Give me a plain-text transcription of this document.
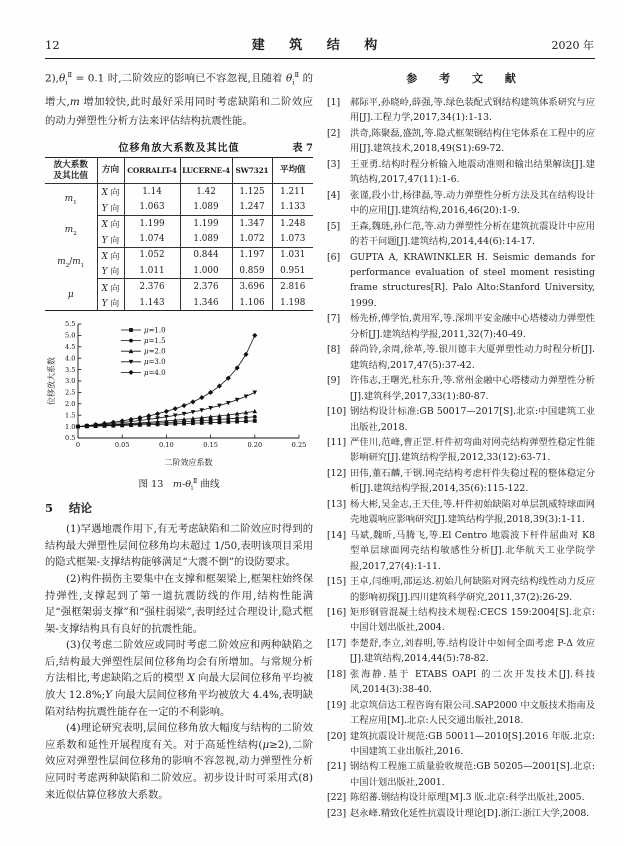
12	建 筑 结 构	2020 年

$2),\theta_i^Ⅱ = 0.1$ 时,二阶效应的影响已不容忽视,且随着 $\theta_i^Ⅱ$ 的增大,m 增加较快,此时最好采用同时考虑缺陷和二阶效应的动力弹塑性分析方法来评估结构抗震性能。

位移角放大系数及其比值	表 7
放大系数
及其比值	方向	CORRALIT-4	LUCERNE-4	SW7321	平均值
$m_1$	X 向	1.14	1.42	1.125	1.211
	Y 向	1.063	1.089	1.247	1.133
$m_2$	X 向	1.199	1.199	1.347	1.248
	Y 向	1.074	1.089	1.072	1.073
$m_2/m_1$	X 向	1.052	0.844	1.197	1.031
	Y 向	1.011	1.000	0.859	0.951
μ	X 向	2.376	2.376	3.696	2.816
	Y 向	1.143	1.346	1.106	1.198
0.5
1.0
1.5
2.0
2.5
3.0
3.5
4.0
4.5
5.0
5.5
0	0.05	0.10	0.15	0.20	0.25
二阶效应系数
位移放大系数
μ=1.0
μ=1.5
μ=2.0
μ=3.0
μ=4.0
图 13　$m-\theta_i^Ⅱ$ 曲线
5 结论

(1)罕遇地震作用下,有无考虑缺陷和二阶效应时得到的结构最大弹塑性层间位移角均未超过 1/50,表明该项目采用的隐式框架-支撑结构能够满足“大震不倒”的设防要求。

(2)构件损伤主要集中在支撑和框架梁上,框架柱始终保持弹性,支撑起到了第一道抗震防线的作用,结构性能满足“强框架弱支撑”和“强柱弱梁”,表明经过合理设计,隐式框架-支撑结构具有良好的抗震性能。

(3)仅考虑二阶效应或同时考虑二阶效应和两种缺陷之后,结构最大弹塑性层间位移角均会有所增加。与常规分析方法相比,考虑缺陷之后的模型 X 向最大层间位移角平均被放大 12.8%;Y 向最大层间位移角平均被放大 4.4%,表明缺陷对结构抗震性能存在一定的不利影响。

(4)理论研究表明,层间位移角放大幅度与结构的二阶效应系数和延性开展程度有关。对于高延性结构(μ≥2),二阶效应对弹塑性层间位移角的影响不容忽视,动力弹塑性分析应同时考虑两种缺陷和二阶效应。初步设计时可采用式(8)来近似估算位移放大系数。

参 考 文 献
[1] 郝际平,孙晓岭,薛强,等.绿色装配式钢结构建筑体系研究与应用[J].工程力学,2017,34(1):1-13.
[2] 洪奇,陈聚磊,盛凯,等.隐式框架钢结构住宅体系在工程中的应用[J].建筑技术,2018,49(S1):69-72.
[3] 王亚勇.结构时程分析输入地震动准则和输出结果解读[J].建筑结构,2017,47(11):1-6.
[4] 张谨,段小廿,杨律磊,等.动力弹塑性分析方法及其在结构设计中的应用[J].建筑结构,2016,46(20):1-9.
[5] 王森,魏琏,孙仁范,等.动力弹塑性分析在建筑抗震设计中应用的若干问题[J].建筑结构,2014,44(6):14-17.
[6] GUPTA A, KRAWINKLER H. Seismic demands for performance evaluation of steel moment resisting frame structures[R]. Palo Alto:Stanford University, 1999.
[7] 杨先桥,傅学怡,黄用军,等.深圳平安金融中心塔楼动力弹塑性分析[J].建筑结构学报,2011,32(7):40-49.
[8] 薛尚铃,余周,徐革,等.银川德丰大厦弹塑性动力时程分析[J].建筑结构,2017,47(5):37-42.
[9] 许伟志,王曙光,杜东升,等.常州金融中心塔楼动力弹塑性分析[J].建筑科学,2017,33(1):80-87.
[10] 钢结构设计标准:GB 50017—2017[S].北京:中国建筑工业出版社,2018.
[11] 严佳川,范峰,曹正罡.杆件初弯曲对网壳结构弹塑性稳定性能影响研究[J].建筑结构学报,2012,33(12):63-71.
[12] 田伟,董石麟,干钢.网壳结构考虑杆件失稳过程的整体稳定分析[J].建筑结构学报,2014,35(6):115-122.
[13] 杨大彬,吴金志,王天佳,等.杆件初始缺陷对单层凯威特球面网壳地震响应影响研究[J].建筑结构学报,2018,39(3):1-11.
[14] 马斌,魏昕,马腾飞,等.El Centro 地震波下杆件屈曲对 K8 型单层球面网壳结构敏感性分析[J].北华航天工业学院学报,2017,27(4):1-11.
[15] 王卓,闫维明,邵运达.初始几何缺陷对网壳结构线性动力反应的影响初探[J].四川建筑科学研究,2011,37(2):26-29.
[16] 矩形钢管混凝土结构技术规程:CECS 159:2004[S].北京:中国计划出版社,2004.
[17] 李楚舒,李立,刘春明,等.结构设计中如何全面考虑 P-Δ 效应[J].建筑结构,2014,44(5):78-82.
[18] 张海静.基于 ETABS OAPI 的二次开发技术[J].科技风,2014(3):38-40.
[19] 北京筑信达工程咨询有限公司.SAP2000 中文版技术指南及工程应用[M].北京:人民交通出版社,2018.
[20] 建筑抗震设计规范:GB 50011—2010[S].2016 年版.北京:中国建筑工业出版社,2016.
[21] 钢结构工程施工质量验收规范:GB 50205—2001[S].北京:中国计划出版社,2001.
[22] 陈绍蕃.钢结构设计原理[M].3 版.北京:科学出版社,2005.
[23] 赵永峰.精致化延性抗震设计理论[D].浙江:浙江大学,2008.
